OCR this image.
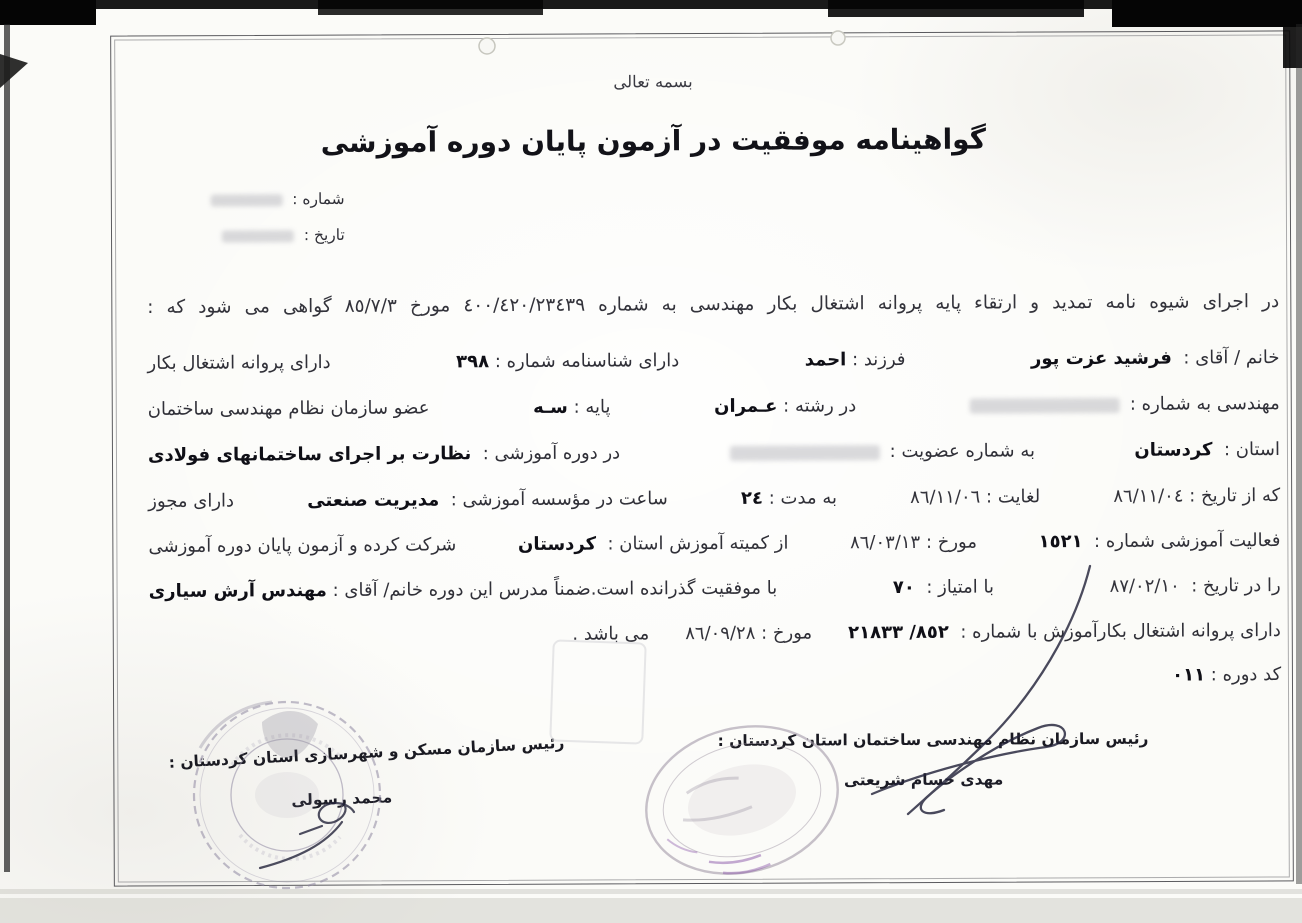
بسمه تعالی
گواهینامه موفقیت در آزمون پایان دوره آموزشی
شماره :
تاریخ :
در اجرای شیوه نامه تمدید و ارتقاء پایه پروانه اشتغال بکار مهندسی به شماره ٤٠٠/٤٢٠/٢٣٤٣٩ مورخ ٨٥/٧/٣ گواهی می شود که :
خانم / آقای :  فرشید عزت پور
فرزند : احمد
دارای شناسنامه شماره : ٣٩٨
دارای پروانه اشتغال بکار
مهندسی به شماره :
در رشته : عـمران
پایه : سـه
عضو سازمان نظام مهندسی ساختمان
استان :  کردستان
به شماره عضویت :
در دوره آموزشی :  نظارت بر اجرای ساختمانهای فولادی
که از تاریخ : ٨٦/١١/٠٤
لغایت : ٨٦/١١/٠٦
به مدت : ٢٤
ساعت در مؤسسه آموزشی :  مدیریت صنعتی
دارای مجوز
فعالیت آموزشی شماره :  ١٥٢١
مورخ : ٨٦/٠٣/١٣
از کمیته آموزش استان :  کردستان
شرکت کرده و آزمون پایان دوره آموزشی
را در تاریخ :  ٨٧/٠٢/١٠
با امتیاز :  ٧٠
با موفقیت گذرانده است.ضمناً مدرس این دوره خانم/ آقای : مهندس آرش سیاری
دارای پروانه اشتغال بکارآموزش با شماره :  ٨٥٢/ ٢١٨٣٣
مورخ : ٨٦/٠٩/٢٨
می باشد .
کد دوره : ٠١١
رئیس سازمان نظام مهندسی ساختمان استان کردستان :
مهدی حسام شریعتی
رئیس سازمان مسکن و شهرسازی استان کردستان :
محمد رسولی
